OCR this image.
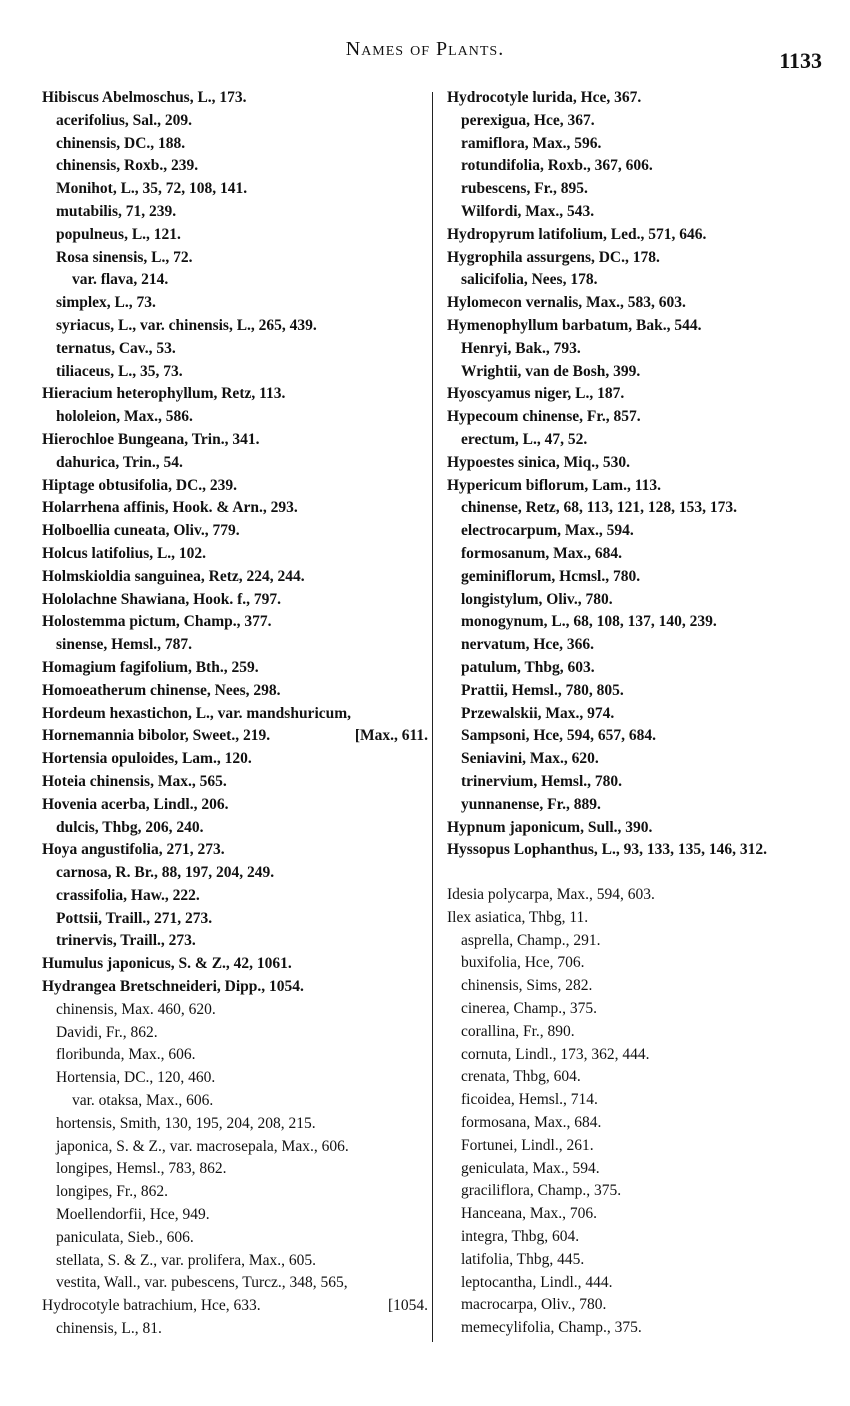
Names of Plants.	1133
Hibiscus Abelmoschus, L., 173.
acerifolius, Sal., 209.
chinensis, DC., 188.
chinensis, Roxb., 239.
Monihot, L., 35, 72, 108, 141.
mutabilis, 71, 239.
populneus, L., 121.
Rosa sinensis, L., 72.
var. flava, 214.
simplex, L., 73.
syriacus, L., var. chinensis, L., 265, 439.
ternatus, Cav., 53.
tiliaceus, L., 35, 73.
Hieracium heterophyllum, Retz, 113.
hololeion, Max., 586.
Hierochloe Bungeana, Trin., 341.
dahurica, Trin., 54.
Hiptage obtusifolia, DC., 239.
Holarrhena affinis, Hook. & Arn., 293.
Holboellia cuneata, Oliv., 779.
Holcus latifolius, L., 102.
Holmskioldia sanguinea, Retz, 224, 244.
Hololachne Shawiana, Hook. f., 797.
Holostemma pictum, Champ., 377.
sinense, Hemsl., 787.
Homagium fagifolium, Bth., 259.
Homoeatherum chinense, Nees, 298.
Hordeum hexastichon, L., var. mandshuricum,
Hornemannia bibolor, Sweet., 219.	[Max., 611.
Hortensia opuloides, Lam., 120.
Hoteia chinensis, Max., 565.
Hovenia acerba, Lindl., 206.
dulcis, Thbg, 206, 240.
Hoya angustifolia, 271, 273.
carnosa, R. Br., 88, 197, 204, 249.
crassifolia, Haw., 222.
Pottsii, Traill., 271, 273.
trinervis, Traill., 273.
Humulus japonicus, S. & Z., 42, 1061.
Hydrangea Bretschneideri, Dipp., 1054.
chinensis, Max. 460, 620.
Davidi, Fr., 862.
floribunda, Max., 606.
Hortensia, DC., 120, 460.
var. otaksa, Max., 606.
hortensis, Smith, 130, 195, 204, 208, 215.
japonica, S. & Z., var. macrosepala, Max., 606.
longipes, Hemsl., 783, 862.
longipes, Fr., 862.
Moellendorfii, Hce, 949.
paniculata, Sieb., 606.
stellata, S. & Z., var. prolifera, Max., 605.
vestita, Wall., var. pubescens, Turcz., 348, 565,
Hydrocotyle batrachium, Hce, 633.	[1054.
chinensis, L., 81.
Hydrocotyle lurida, Hce, 367.
perexigua, Hce, 367.
ramiflora, Max., 596.
rotundifolia, Roxb., 367, 606.
rubescens, Fr., 895.
Wilfordi, Max., 543.
Hydropyrum latifolium, Led., 571, 646.
Hygrophila assurgens, DC., 178.
salicifolia, Nees, 178.
Hylomecon vernalis, Max., 583, 603.
Hymenophyllum barbatum, Bak., 544.
Henryi, Bak., 793.
Wrightii, van de Bosh, 399.
Hyoscyamus niger, L., 187.
Hypecoum chinense, Fr., 857.
erectum, L., 47, 52.
Hypoestes sinica, Miq., 530.
Hypericum biflorum, Lam., 113.
chinense, Retz, 68, 113, 121, 128, 153, 173.
electrocarpum, Max., 594.
formosanum, Max., 684.
geminiflorum, Hcmsl., 780.
longistylum, Oliv., 780.
monogynum, L., 68, 108, 137, 140, 239.
nervatum, Hce, 366.
patulum, Thbg, 603.
Prattii, Hemsl., 780, 805.
Przewalskii, Max., 974.
Sampsoni, Hce, 594, 657, 684.
Seniavini, Max., 620.
trinervium, Hemsl., 780.
yunnanense, Fr., 889.
Hypnum japonicum, Sull., 390.
Hyssopus Lophanthus, L., 93, 133, 135, 146, 312.
Idesia polycarpa, Max., 594, 603.
Ilex asiatica, Thbg, 11.
asprella, Champ., 291.
buxifolia, Hce, 706.
chinensis, Sims, 282.
cinerea, Champ., 375.
corallina, Fr., 890.
cornuta, Lindl., 173, 362, 444.
crenata, Thbg, 604.
ficoidea, Hemsl., 714.
formosana, Max., 684.
Fortunei, Lindl., 261.
geniculata, Max., 594.
graciliflora, Champ., 375.
Hanceana, Max., 706.
integra, Thbg, 604.
latifolia, Thbg, 445.
leptocantha, Lindl., 444.
macrocarpa, Oliv., 780.
memecylifolia, Champ., 375.
